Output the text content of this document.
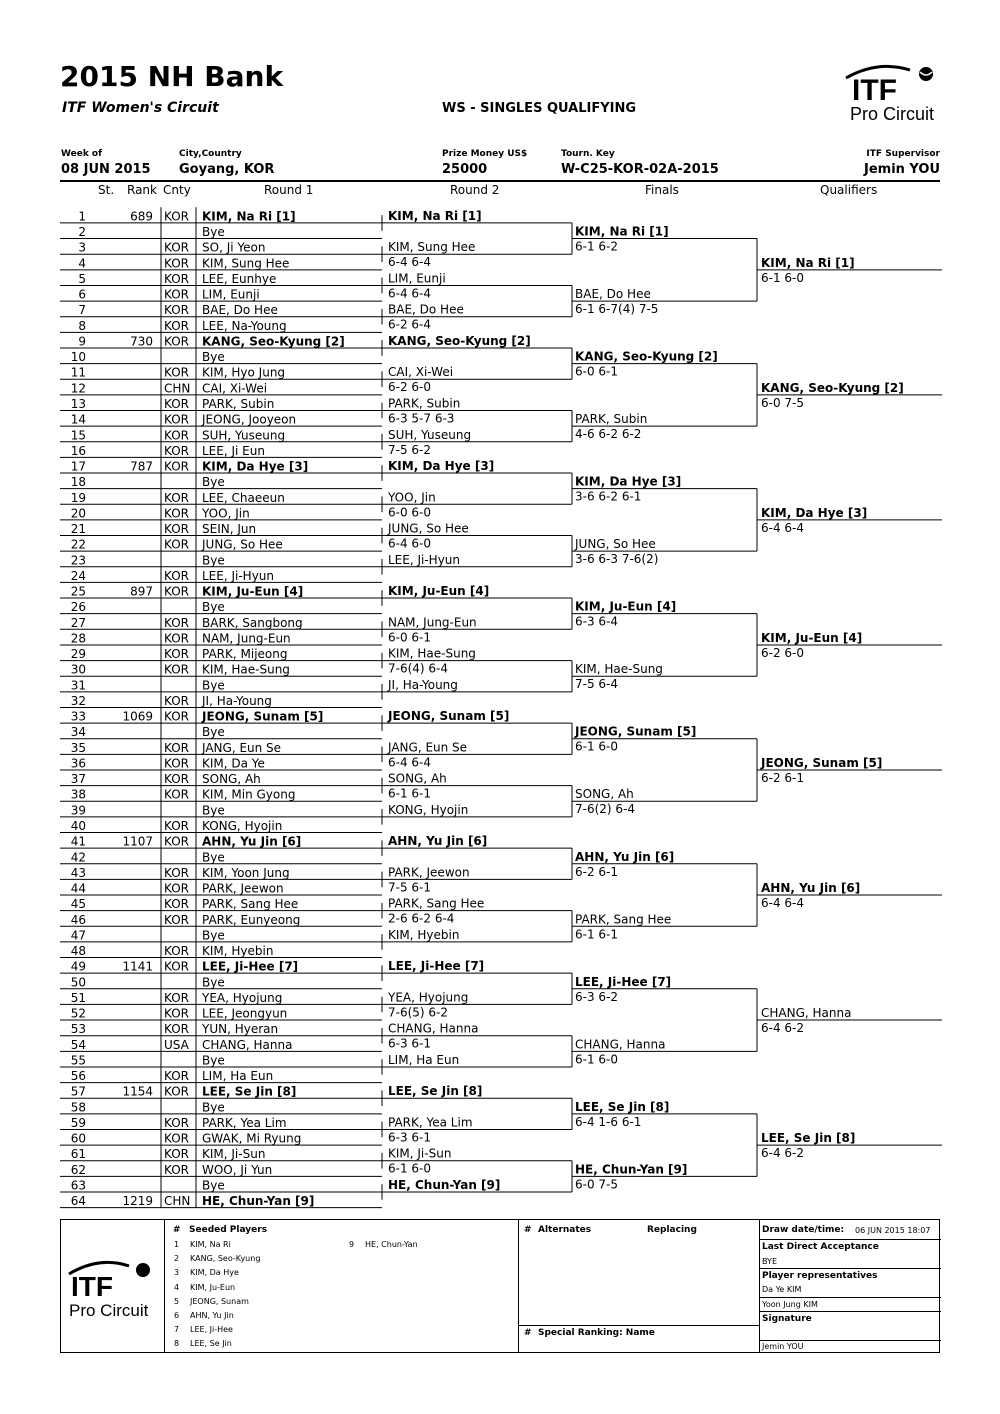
2015 NH Bank
ITF Women's Circuit	WS - SINGLES QUALIFYING
ITF
Pro Circuit
Week of
08 JUN 2015
City,Country
Goyang, KOR
Prize Money US$
25000
Tourn. Key
W-C25-KOR-02A-2015
ITF Supervisor
Jemin YOU
St. Rank Cnty	Round 1	Round 2	Finals	Qualifiers
1	689 KOR KIM, Na Ri [1]
2	Bye
3	KOR SO, Ji Yeon
4	KOR KIM, Sung Hee
5	KOR LEE, Eunhye
6	KOR LIM, Eunji
7	KOR BAE, Do Hee
8	KOR LEE, Na-Young
9	730 KOR KANG, Seo-Kyung [2]
10	Bye
11	KOR KIM, Hyo Jung
12	CHN CAI, Xi-Wei
13	KOR PARK, Subin
14	KOR JEONG, Jooyeon
15	KOR SUH, Yuseung
16	KOR LEE, Ji Eun
17	787 KOR KIM, Da Hye [3]
18	Bye
19	KOR LEE, Chaeeun
20	KOR YOO, Jin
21	KOR SEIN, Jun
22	KOR JUNG, So Hee
23	Bye
24	KOR LEE, Ji-Hyun
25	897 KOR KIM, Ju-Eun [4]
26	Bye
27	KOR BARK, Sangbong
28	KOR NAM, Jung-Eun
29	KOR PARK, Mijeong
30	KOR KIM, Hae-Sung
31	Bye
32	KOR JI, Ha-Young
33	1069 KOR JEONG, Sunam [5]
34	Bye
35	KOR JANG, Eun Se
36	KOR KIM, Da Ye
37	KOR SONG, Ah
38	KOR KIM, Min Gyong
39	Bye
40	KOR KONG, Hyojin
41	1107 KOR AHN, Yu Jin [6]
42	Bye
43	KOR KIM, Yoon Jung
44	KOR PARK, Jeewon
45	KOR PARK, Sang Hee
46	KOR PARK, Eunyeong
47	Bye
48	KOR KIM, Hyebin
49	1141 KOR LEE, Ji-Hee [7]
50	Bye
51	KOR YEA, Hyojung
52	KOR LEE, Jeongyun
53	KOR YUN, Hyeran
54	USA CHANG, Hanna
55	Bye
56	KOR LIM, Ha Eun
57	1154 KOR LEE, Se Jin [8]
58	Bye
59	KOR PARK, Yea Lim
60	KOR GWAK, Mi Ryung
61	KOR KIM, Ji-Sun
62	KOR WOO, Ji Yun
63	Bye
64	1219 CHN HE, Chun-Yan [9]
KIM, Na Ri [1]
KIM, Sung Hee
6-4 6-4
LIM, Eunji
6-4 6-4
BAE, Do Hee
6-2 6-4
KANG, Seo-Kyung [2]
CAI, Xi-Wei
6-2 6-0
PARK, Subin
6-3 5-7 6-3
SUH, Yuseung
7-5 6-2
KIM, Da Hye [3]
YOO, Jin
6-0 6-0
JUNG, So Hee
6-4 6-0
LEE, Ji-Hyun
KIM, Ju-Eun [4]
NAM, Jung-Eun
6-0 6-1
KIM, Hae-Sung
7-6(4) 6-4
JI, Ha-Young
JEONG, Sunam [5]
JANG, Eun Se
6-4 6-4
SONG, Ah
6-1 6-1
KONG, Hyojin
AHN, Yu Jin [6]
PARK, Jeewon
7-5 6-1
PARK, Sang Hee
2-6 6-2 6-4
KIM, Hyebin
LEE, Ji-Hee [7]
YEA, Hyojung
7-6(5) 6-2
CHANG, Hanna
6-3 6-1
LIM, Ha Eun
LEE, Se Jin [8]
PARK, Yea Lim
6-3 6-1
KIM, Ji-Sun
6-1 6-0
HE, Chun-Yan [9]
KIM, Na Ri [1]
6-1 6-2
BAE, Do Hee
6-1 6-7(4) 7-5
KANG, Seo-Kyung [2]
6-0 6-1
PARK, Subin
4-6 6-2 6-2
KIM, Da Hye [3]
3-6 6-2 6-1
JUNG, So Hee
3-6 6-3 7-6(2)
KIM, Ju-Eun [4]
6-3 6-4
KIM, Hae-Sung
7-5 6-4
JEONG, Sunam [5]
6-1 6-0
SONG, Ah
7-6(2) 6-4
AHN, Yu Jin [6]
6-2 6-1
PARK, Sang Hee
6-1 6-1
LEE, Ji-Hee [7]
6-3 6-2
CHANG, Hanna
6-1 6-0
LEE, Se Jin [8]
6-4 1-6 6-1
HE, Chun-Yan [9]
6-0 7-5
KIM, Na Ri [1]
6-1 6-0
KANG, Seo-Kyung [2]
6-0 7-5
KIM, Da Hye [3]
6-4 6-4
KIM, Ju-Eun [4]
6-2 6-0
JEONG, Sunam [5]
6-2 6-1
AHN, Yu Jin [6]
6-4 6-4
CHANG, Hanna
6-4 6-2
LEE, Se Jin [8]
6-4 6-2
ITF
Pro Circuit
# Seeded Players
1 KIM, Na Ri
2 KANG, Seo-Kyung
3 KIM, Da Hye
4 KIM, Ju-Eun
5 JEONG, Sunam
6 AHN, Yu Jin
7 LEE, Ji-Hee
8 LEE, Se Jin
9 HE, Chun-Yan
# Alternates	Replacing
# Special Ranking: Name
Draw date/time: 06 JUN 2015 18:07
Last Direct Acceptance
BYE
Player representatives
Da Ye KIM
Yoon Jung KIM
Signature
Jemin YOU
